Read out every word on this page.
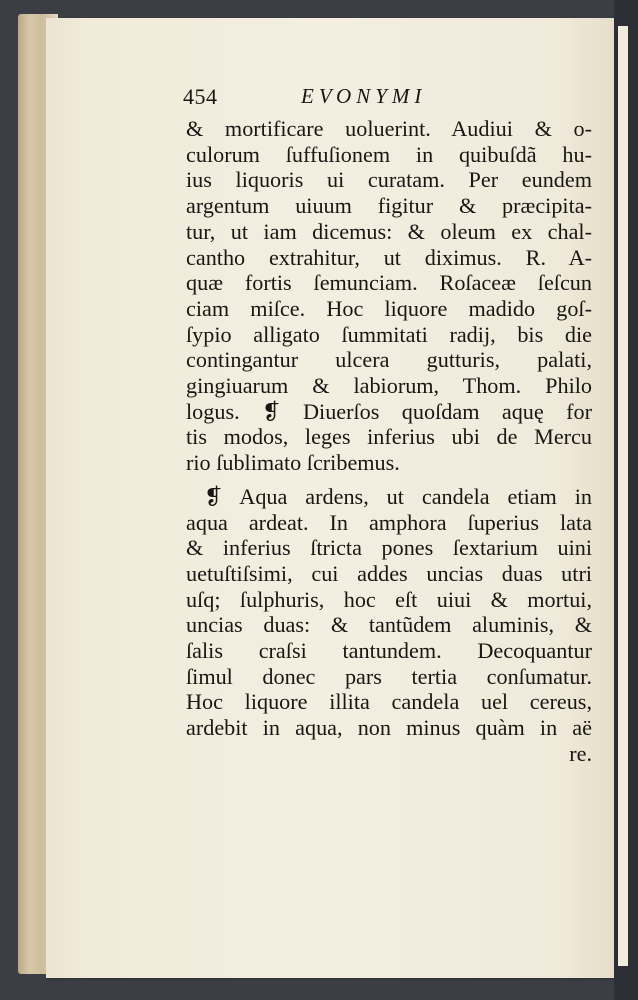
454	EVONYMI
& mortificare uoluerint. Audiui & o-
culorum ſuffuſionem in quibuſdã hu-
ius liquoris ui curatam. Per eundem
argentum uiuum figitur & præcipita-
tur, ut iam dicemus: & oleum ex chal-
cantho extrahitur, ut diximus. R. A-
quæ fortis ſemunciam. Roſaceæ ſeſcun
ciam miſce. Hoc liquore madido goſ-
ſypio alligato ſummitati radij, bis die
contingantur ulcera gutturis, palati,
gingiuarum & labiorum, Thom. Philo
logus. ❡ Diuerſos quoſdam aquę for
tis modos, leges inferius ubi de Mercu
rio ſublimato ſcribemus.
❡ Aqua ardens, ut candela etiam in
aqua ardeat. In amphora ſuperius lata
& inferius ſtricta pones ſextarium uini
uetuſtiſsimi, cui addes uncias duas utri
uſq; ſulphuris, hoc eſt uiui & mortui,
uncias duas: & tantũdem aluminis, &
ſalis craſsi tantundem. Decoquantur
ſimul donec pars tertia conſumatur.
Hoc liquore illita candela uel cereus,
ardebit in aqua, non minus quàm in aë
re.
